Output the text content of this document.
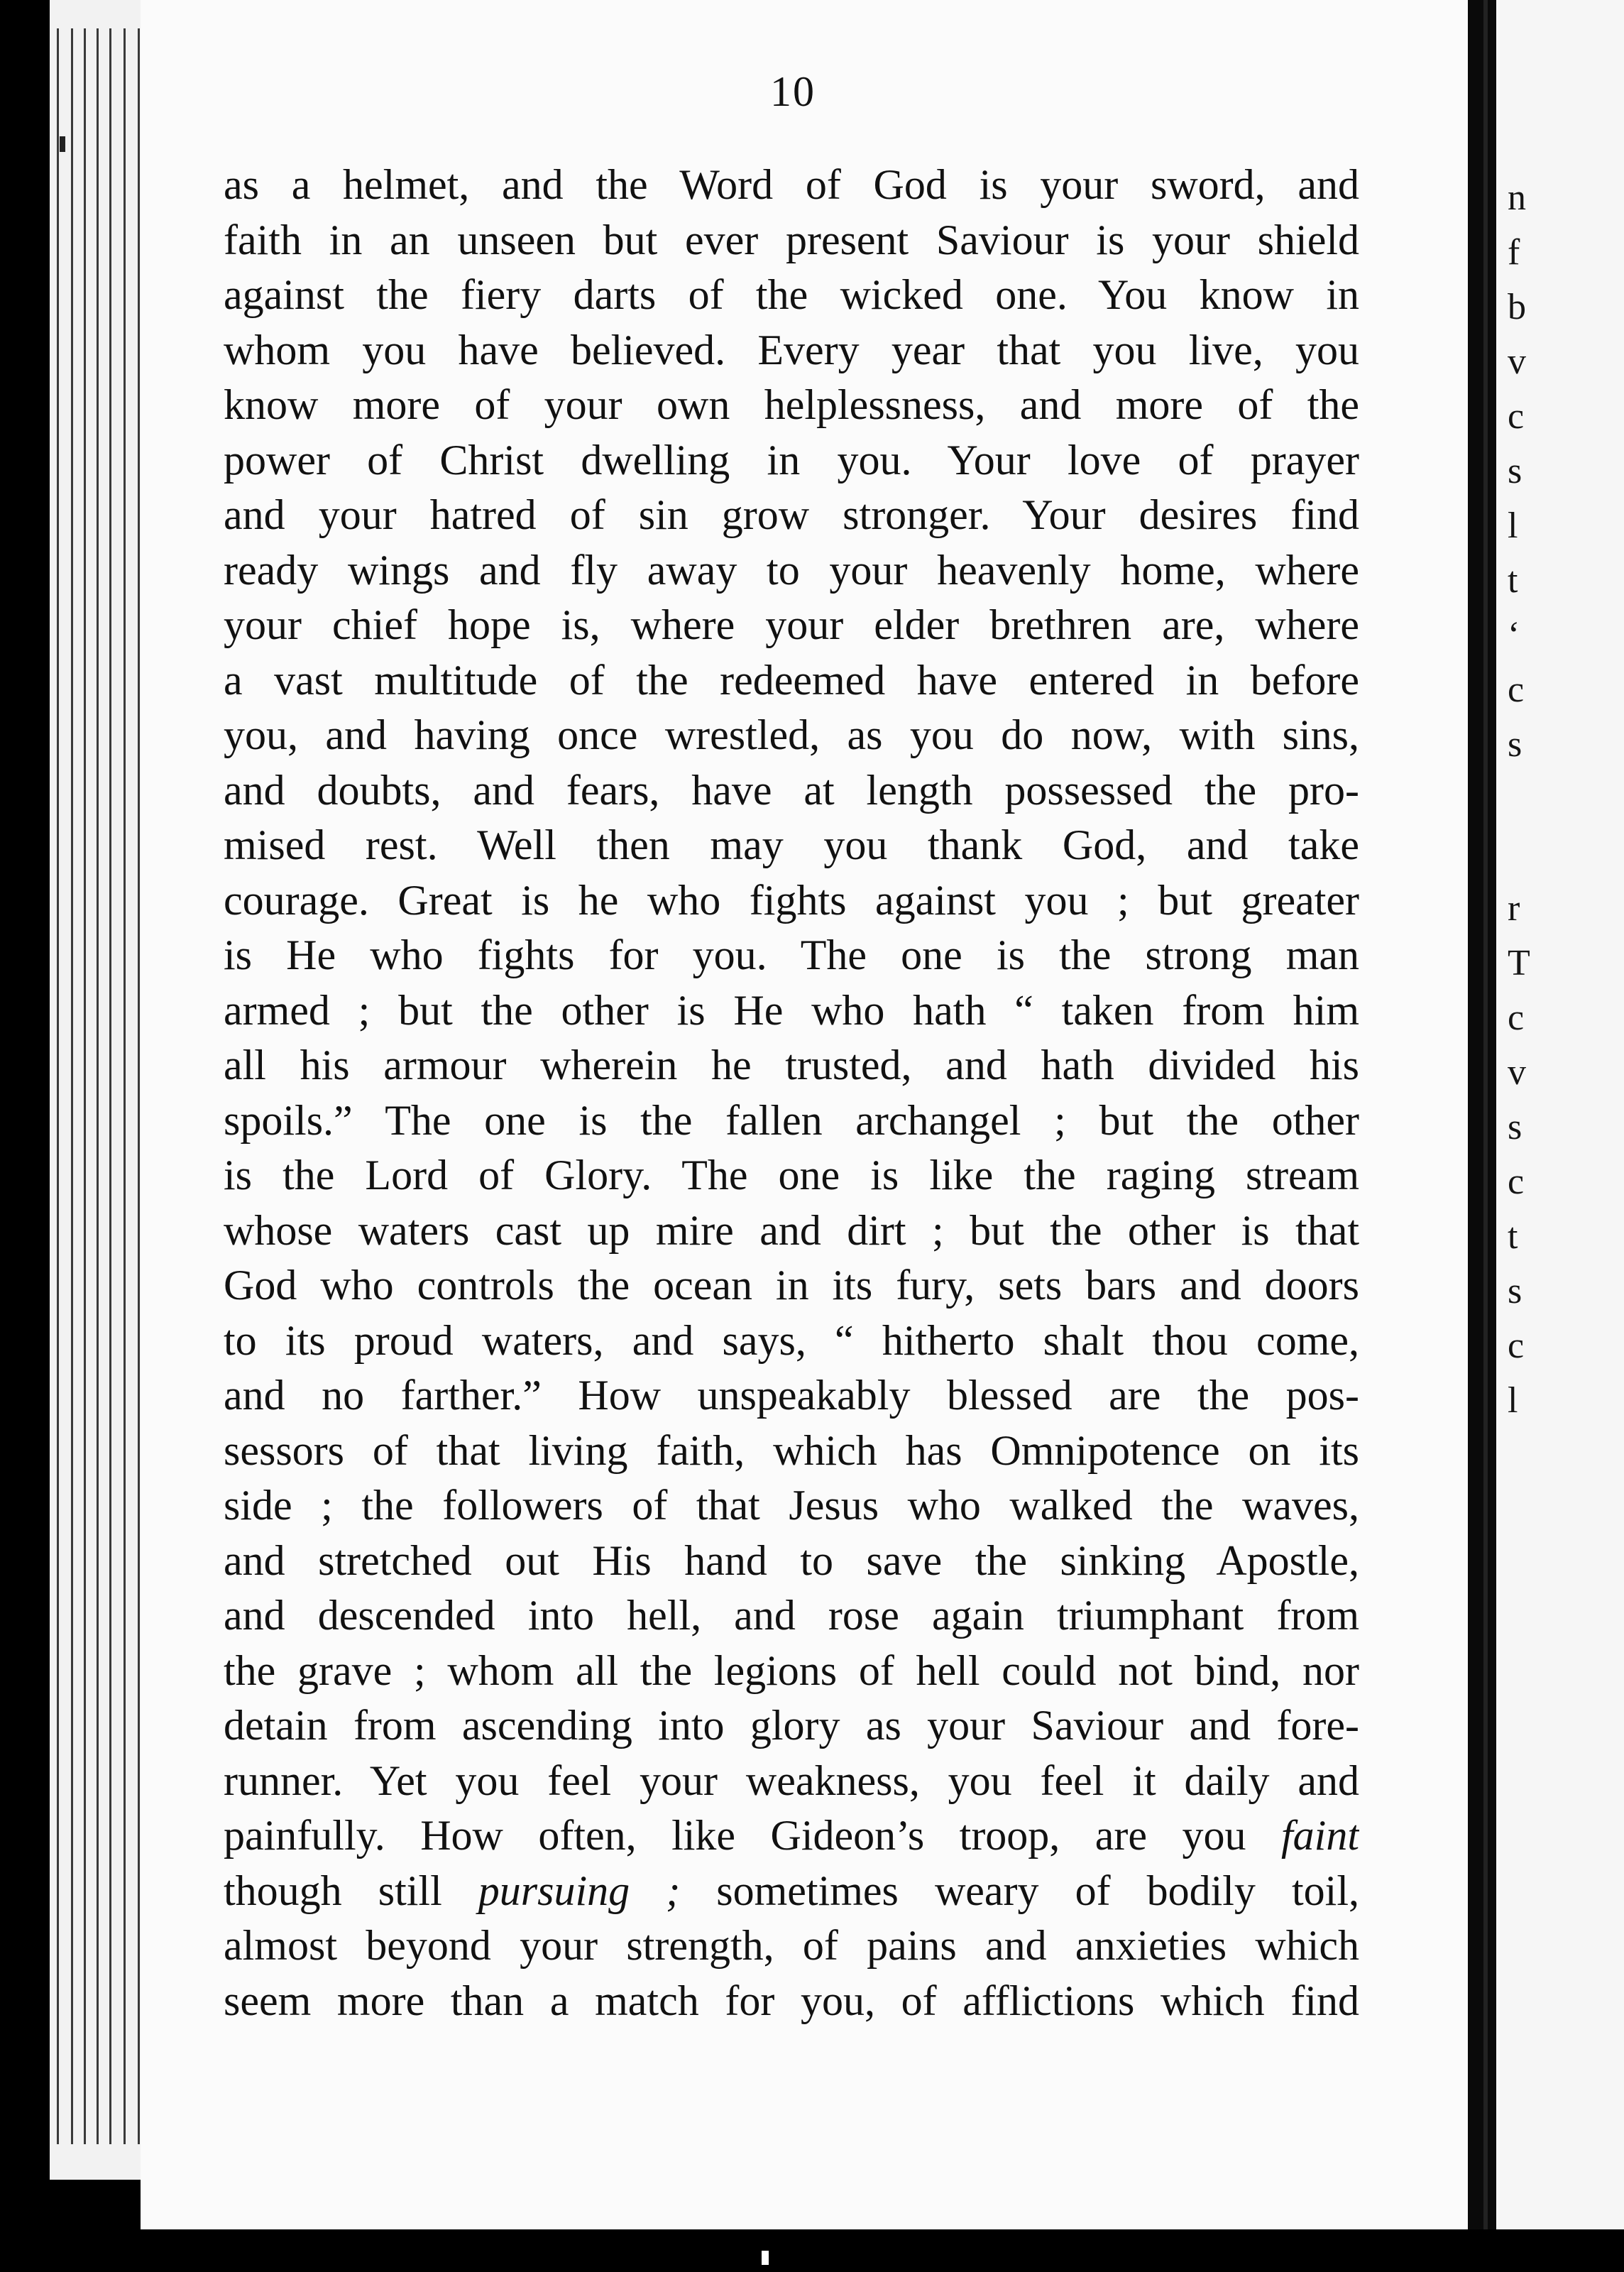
10
as a helmet, and the Word of God is your sword, and
faith in an unseen but ever present Saviour is your shield
against the fiery darts of the wicked one. You know in
whom you have believed. Every year that you live, you
know more of your own helplessness, and more of the
power of Christ dwelling in you. Your love of prayer
and your hatred of sin grow stronger. Your desires find
ready wings and fly away to your heavenly home, where
your chief hope is, where your elder brethren are, where
a vast multitude of the redeemed have entered in before
you, and having once wrestled, as you do now, with sins,
and doubts, and fears, have at length possessed the pro-
mised rest. Well then may you thank God, and take
courage. Great is he who fights against you ; but greater
is He who fights for you. The one is the strong man
armed ; but the other is He who hath “ taken from him
all his armour wherein he trusted, and hath divided his
spoils.” The one is the fallen archangel ; but the other
is the Lord of Glory. The one is like the raging stream
whose waters cast up mire and dirt ; but the other is that
God who controls the ocean in its fury, sets bars and doors
to its proud waters, and says, “ hitherto shalt thou come,
and no farther.” How unspeakably blessed are the pos-
sessors of that living faith, which has Omnipotence on its
side ; the followers of that Jesus who walked the waves,
and stretched out His hand to save the sinking Apostle,
and descended into hell, and rose again triumphant from
the grave ; whom all the legions of hell could not bind, nor
detain from ascending into glory as your Saviour and fore-
runner. Yet you feel your weakness, you feel it daily and
painfully. How often, like Gideon’s troop, are you faint
though still pursuing ; sometimes weary of bodily toil,
almost beyond your strength, of pains and anxieties which
seem more than a match for you, of afflictions which find
n
f
b
v
c
s
l
t
‘
c
s
r
T
c
v
s
c
t
s
c
l
